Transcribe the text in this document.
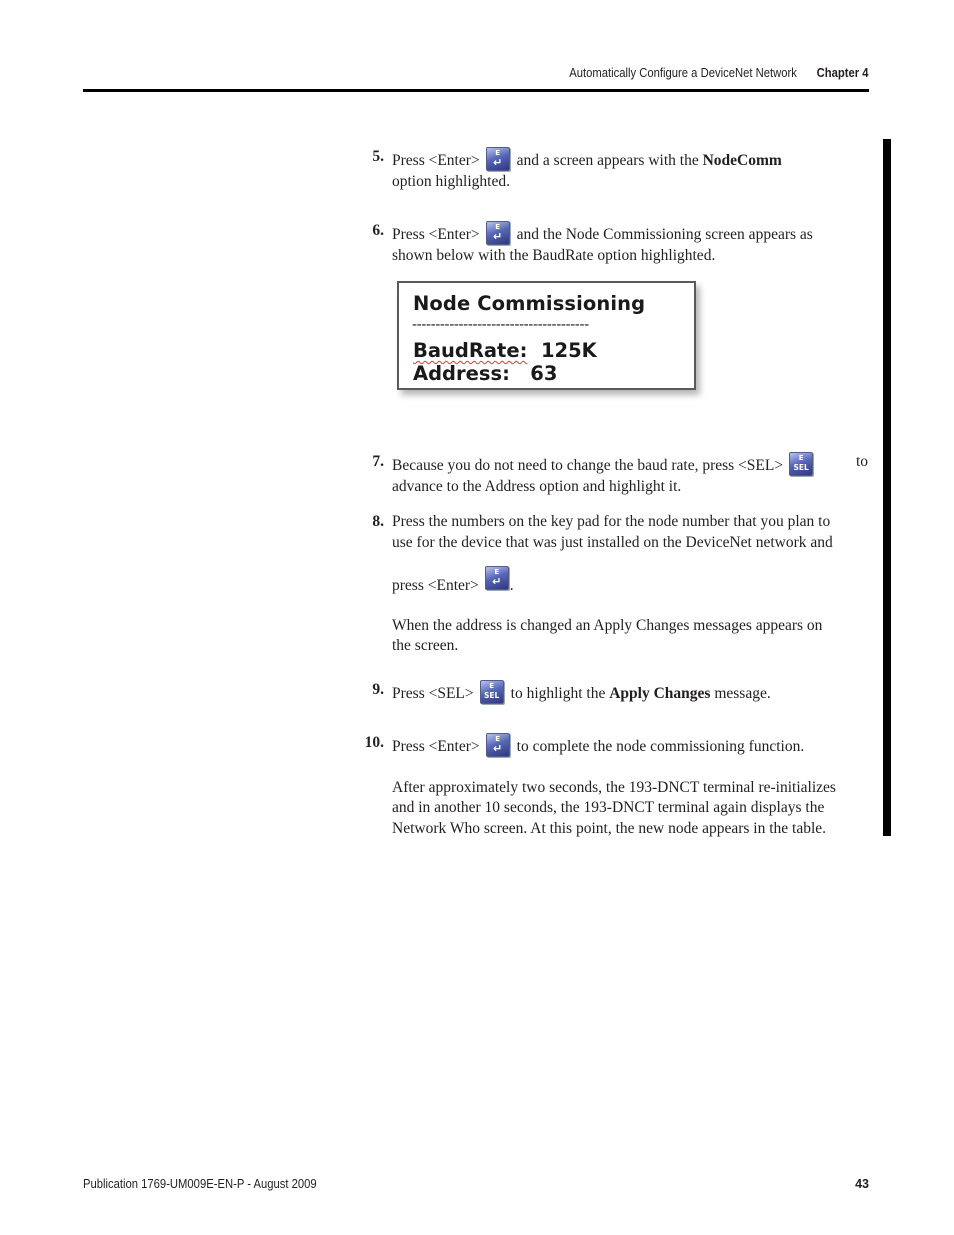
Automatically Configure a DeviceNet Network Chapter 4
5. Press <Enter>	E
↵ and a screen appears with the NodeComm
option highlighted.
6. Press <Enter>	E
↵ and the Node Commissioning screen appears as
shown below with the BaudRate option highlighted.
Node Commissioning
--------------------------------------
BaudRate: 125K
Address: 63
7. Because you do not need to change the baud rate, press <SEL>	E
SEL	to
advance to the Address option and highlight it.
8. Press the numbers on the key pad for the node number that you plan to
use for the device that was just installed on the DeviceNet network and
press <Enter>
E
↵ .
When the address is changed an Apply Changes messages appears on
the screen.
9. Press <SEL>	E
SEL to highlight the Apply Changes message.
10. Press <Enter>	E
↵ to complete the node commissioning function.
After approximately two seconds, the 193-DNCT terminal re-initializes
and in another 10 seconds, the 193-DNCT terminal again displays the
Network Who screen. At this point, the new node appears in the table.
Publication 1769-UM009E-EN-P - August 2009	43
